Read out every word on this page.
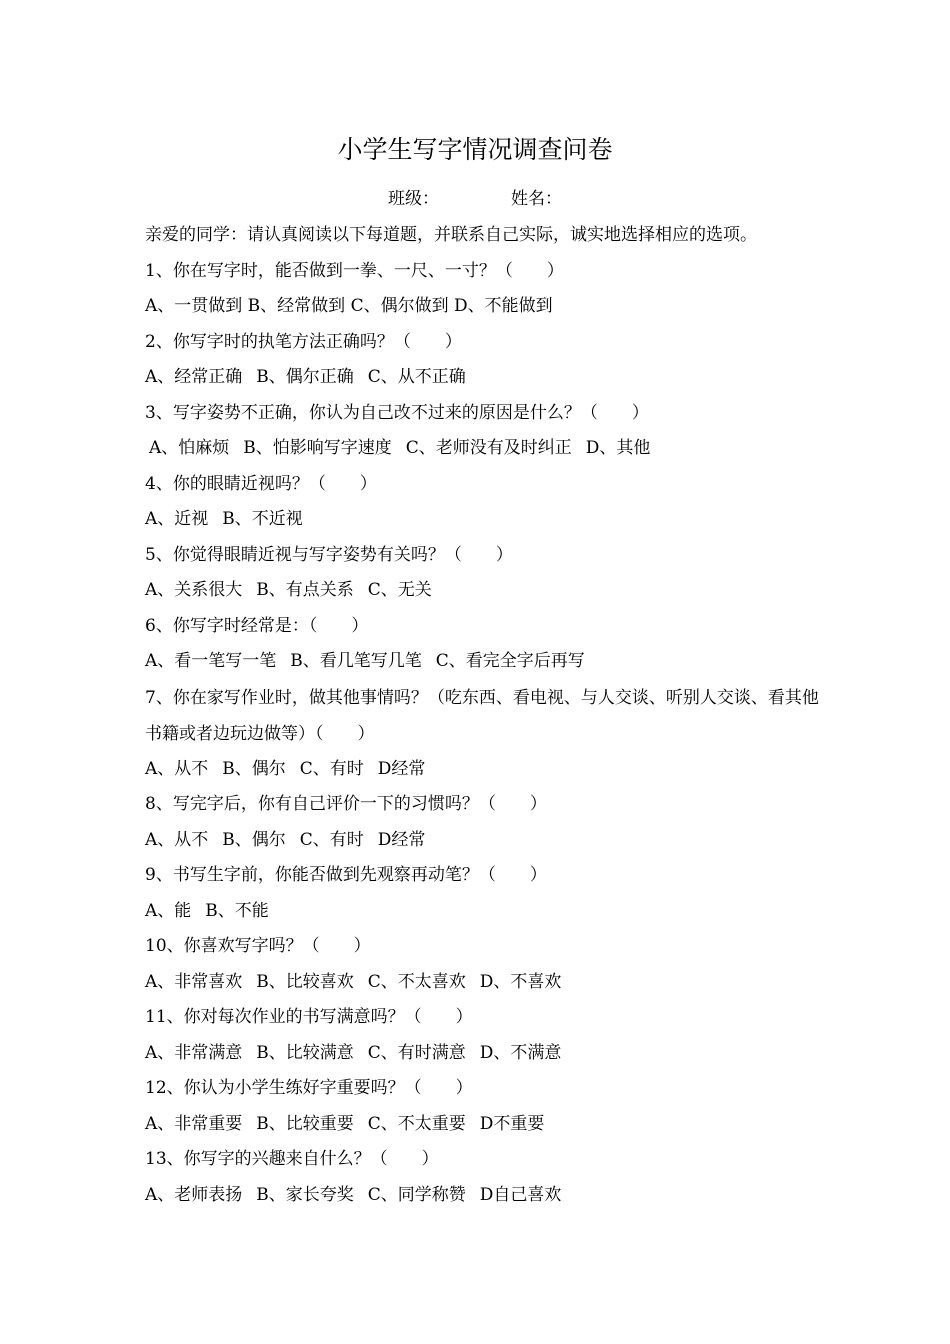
小学生写字情况调查问卷
班级：	姓名：
亲爱的同学：请认真阅读以下每道题，并联系自己实际，诚实地选择相应的选项。
1、你在写字时，能否做到一拳、一尺、一寸？（　　）
A、一贯做到 B、经常做到 C、偶尔做到 D、不能做到
2、你写字时的执笔方法正确吗？（　　）
A、经常正确 B、偶尔正确 C、从不正确
3、写字姿势不正确，你认为自己改不过来的原因是什么？（　　）
A、怕麻烦 B、怕影响写字速度 C、老师没有及时纠正 D、其他
4、你的眼睛近视吗？（　　）
A、近视 B、不近视
5、你觉得眼睛近视与写字姿势有关吗？（　　）
A、关系很大 B、有点关系 C、无关
6、你写字时经常是：（　　）
A、看一笔写一笔 B、看几笔写几笔 C、看完全字后再写
7、你在家写作业时，做其他事情吗？（吃东西、看电视、与人交谈、听别人交谈、看其他书籍或者边玩边做等）（　　）
A、从不 B、偶尔 C、有时 D经常
8、写完字后，你有自己评价一下的习惯吗？（　　）
A、从不 B、偶尔 C、有时 D经常
9、书写生字前，你能否做到先观察再动笔？（　　）
A、能 B、不能
10、你喜欢写字吗？（　　）
A、非常喜欢 B、比较喜欢 C、不太喜欢 D、不喜欢
11、你对每次作业的书写满意吗？（　　）
A、非常满意 B、比较满意 C、有时满意 D、不满意
12、你认为小学生练好字重要吗？（　　）
A、非常重要 B、比较重要 C、不太重要 D不重要
13、你写字的兴趣来自什么？（　　）
A、老师表扬 B、家长夸奖 C、同学称赞 D自己喜欢
